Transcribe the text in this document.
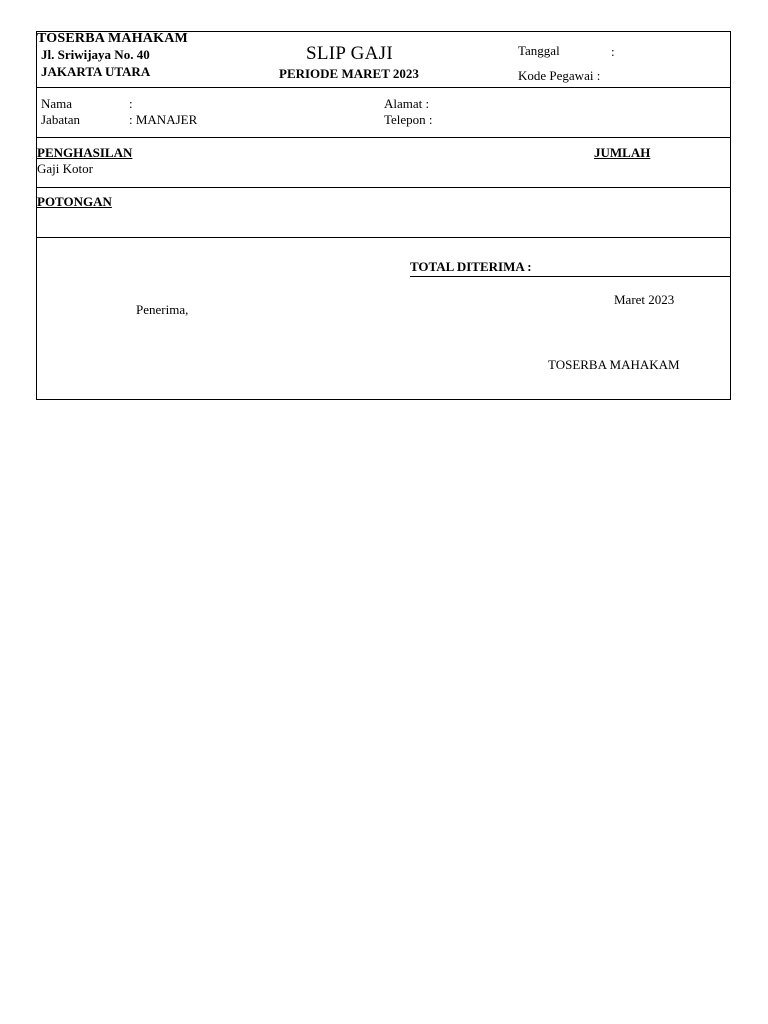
TOSERBA MAHAKAM
Jl. Sriwijaya No. 40
JAKARTA UTARA
SLIP GAJI
PERIODE MARET 2023
Tanggal	:
Kode Pegawai :
Nama	:
Jabatan	: MANAJER
Alamat :
Telepon :
PENGHASILAN	JUMLAH
Gaji Kotor
POTONGAN
TOTAL DITERIMA :
Maret 2023
Penerima,
TOSERBA MAHAKAM
